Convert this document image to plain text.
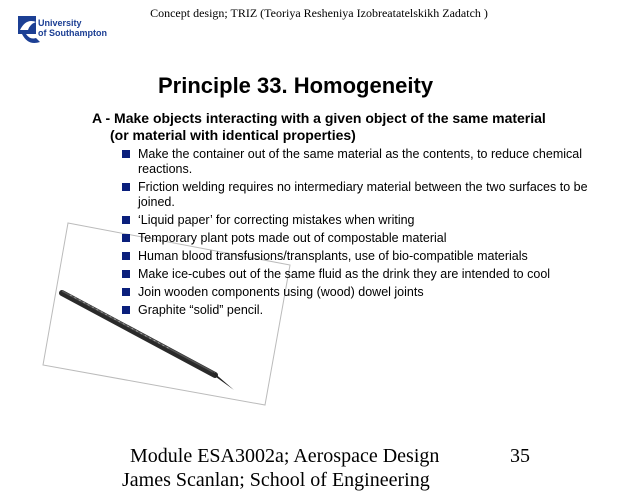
Concept design; TRIZ (Teoriya Resheniya Izobreatatelskikh Zadatch )
University
of Southampton
Principle 33. Homogeneity
A - Make objects interacting with a given object of the same material
(or material with identical properties)
Make the container out of the same material as the contents, to reduce chemical reactions.
Friction welding requires no intermediary material between the two surfaces to be joined.
‘Liquid paper’ for correcting mistakes when writing
Temporary plant pots made out of compostable material
Human blood transfusions/transplants, use of bio-compatible materials
Make ice-cubes out of the same fluid as the drink they are intended to cool
Join wooden components using (wood) dowel joints
Graphite “solid” pencil.
Module ESA3002a; Aerospace Design	35
James Scanlan; School of Engineering
